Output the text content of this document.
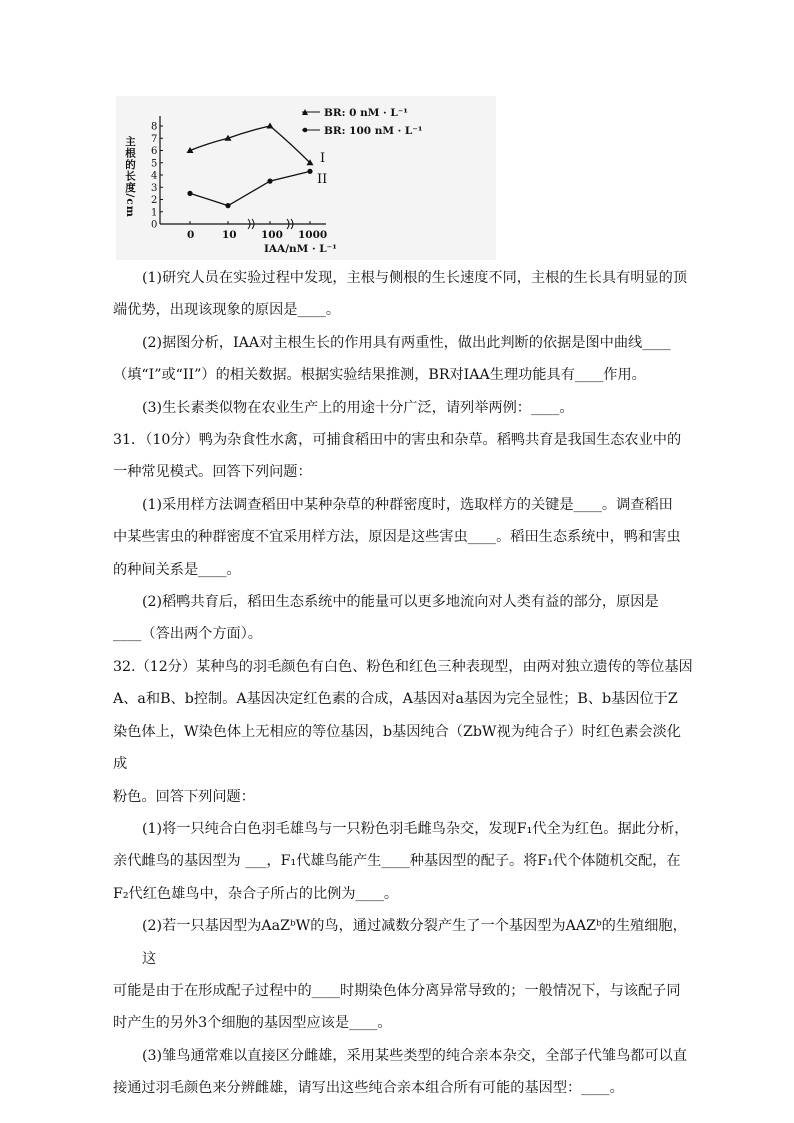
主根的长度/cm
0
1
2
3
4
5
6
7
8
0	10 100 1000
BR: 0 nM · L⁻¹
BR: 100 nM · L⁻¹
I
II
IAA/nM · L⁻¹

(1)研究人员在实验过程中发现，主根与侧根的生长速度不同，主根的生长具有明显的顶

端优势，出现该现象的原因是____。

(2)据图分析，IAA对主根生长的作用具有两重性，做出此判断的依据是图中曲线____

（填“I”或“II”）的相关数据。根据实验结果推测，BR对IAA生理功能具有____作用。

(3)生长素类似物在农业生产上的用途十分广泛，请列举两例：____。

31．（10分）鸭为杂食性水禽，可捕食稻田中的害虫和杂草。稻鸭共育是我国生态农业中的

一种常见模式。回答下列问题：

(1)采用样方法调查稻田中某种杂草的种群密度时，选取样方的关键是____。调查稻田

中某些害虫的种群密度不宜采用样方法，原因是这些害虫____。稻田生态系统中，鸭和害虫

的种间关系是____。

(2)稻鸭共育后，稻田生态系统中的能量可以更多地流向对人类有益的部分，原因是

____（答出两个方面）。

32.（12分）某种鸟的羽毛颜色有白色、粉色和红色三种表现型，由两对独立遗传的等位基因

A、a和B、b控制。A基因决定红色素的合成，A基因对a基因为完全显性；B、b基因位于Z

染色体上，W染色体上无相应的等位基因，b基因纯合（ZbW视为纯合子）时红色素会淡化成

粉色。回答下列问题：

(1)将一只纯合白色羽毛雄鸟与一只粉色羽毛雌鸟杂交，发现F₁代全为红色。据此分析，

亲代雌鸟的基因型为 ___，F₁代雄鸟能产生____种基因型的配子。将F₁代个体随机交配，在

F₂代红色雄鸟中，杂合子所占的比例为____。

(2)若一只基因型为AaZᵇW的鸟，通过减数分裂产生了一个基因型为AAZᵇ的生殖细胞，这

可能是由于在形成配子过程中的____时期染色体分离异常导致的；一般情况下，与该配子同

时产生的另外3个细胞的基因型应该是____。

(3)雏鸟通常难以直接区分雌雄，采用某些类型的纯合亲本杂交，全部子代雏鸟都可以直

接通过羽毛颜色来分辨雌雄，请写出这些纯合亲本组合所有可能的基因型：____。
